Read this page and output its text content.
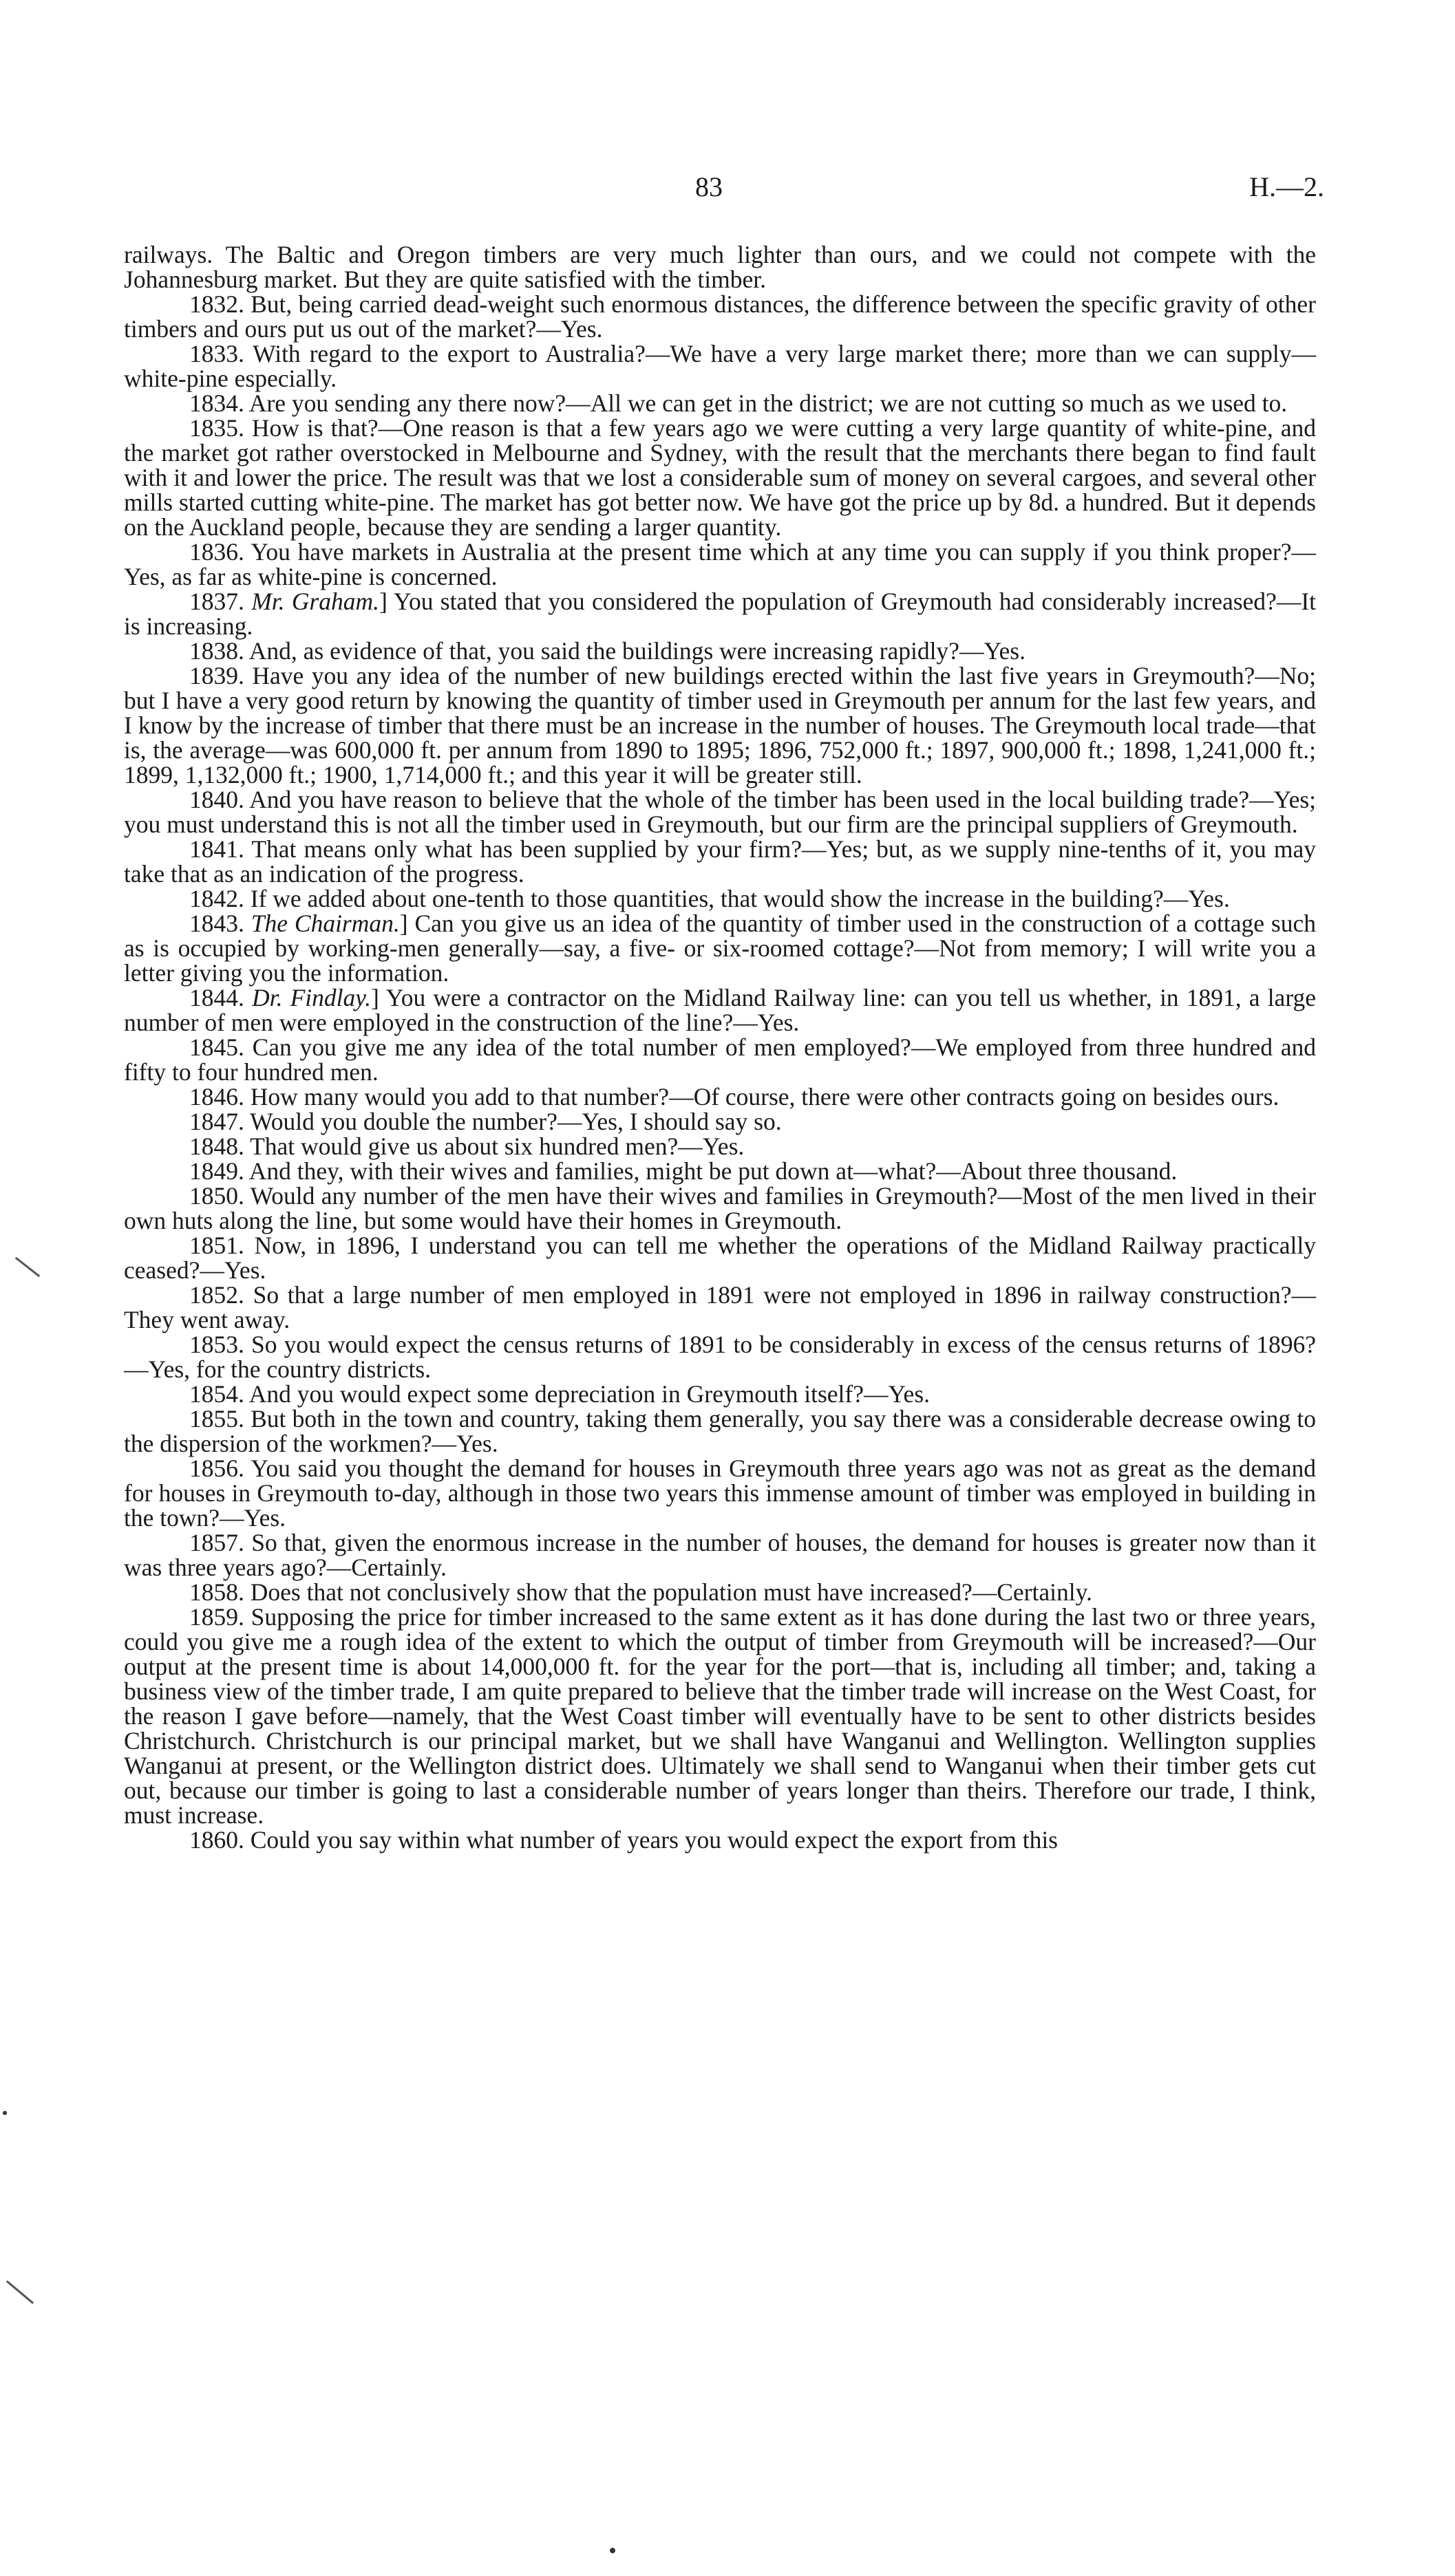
83	H.—2.

railways. The Baltic and Oregon timbers are very much lighter than ours, and we could not compete with the Johannesburg market. But they are quite satisfied with the timber.

1832. But, being carried dead-weight such enormous distances, the difference between the specific gravity of other timbers and ours put us out of the market?—Yes.

1833. With regard to the export to Australia?—We have a very large market there; more than we can supply—white-pine especially.

1834. Are you sending any there now?—All we can get in the district; we are not cutting so much as we used to.

1835. How is that?—One reason is that a few years ago we were cutting a very large quantity of white-pine, and the market got rather overstocked in Melbourne and Sydney, with the result that the merchants there began to find fault with it and lower the price. The result was that we lost a considerable sum of money on several cargoes, and several other mills started cutting white-pine. The market has got better now. We have got the price up by 8d. a hundred. But it depends on the Auckland people, because they are sending a larger quantity.

1836. You have markets in Australia at the present time which at any time you can supply if you think proper?—Yes, as far as white-pine is concerned.

1837. Mr. Graham.] You stated that you considered the population of Greymouth had considerably increased?—It is increasing.

1838. And, as evidence of that, you said the buildings were increasing rapidly?—Yes.

1839. Have you any idea of the number of new buildings erected within the last five years in Greymouth?—No; but I have a very good return by knowing the quantity of timber used in Greymouth per annum for the last few years, and I know by the increase of timber that there must be an increase in the number of houses. The Greymouth local trade—that is, the average—was 600,000 ft. per annum from 1890 to 1895; 1896, 752,000 ft.; 1897, 900,000 ft.; 1898, 1,241,000 ft.; 1899, 1,132,000 ft.; 1900, 1,714,000 ft.; and this year it will be greater still.

1840. And you have reason to believe that the whole of the timber has been used in the local building trade?—Yes; you must understand this is not all the timber used in Greymouth, but our firm are the principal suppliers of Greymouth.

1841. That means only what has been supplied by your firm?—Yes; but, as we supply nine-tenths of it, you may take that as an indication of the progress.

1842. If we added about one-tenth to those quantities, that would show the increase in the building?—Yes.

1843. The Chairman.] Can you give us an idea of the quantity of timber used in the construction of a cottage such as is occupied by working-men generally—say, a five- or six-roomed cottage?—Not from memory; I will write you a letter giving you the information.

1844. Dr. Findlay.] You were a contractor on the Midland Railway line: can you tell us whether, in 1891, a large number of men were employed in the construction of the line?—Yes.

1845. Can you give me any idea of the total number of men employed?—We employed from three hundred and fifty to four hundred men.

1846. How many would you add to that number?—Of course, there were other contracts going on besides ours.

1847. Would you double the number?—Yes, I should say so.

1848. That would give us about six hundred men?—Yes.

1849. And they, with their wives and families, might be put down at—what?—About three thousand.

1850. Would any number of the men have their wives and families in Greymouth?—Most of the men lived in their own huts along the line, but some would have their homes in Greymouth.

1851. Now, in 1896, I understand you can tell me whether the operations of the Midland Railway practically ceased?—Yes.

1852. So that a large number of men employed in 1891 were not employed in 1896 in railway construction?—They went away.

1853. So you would expect the census returns of 1891 to be considerably in excess of the census returns of 1896?—Yes, for the country districts.

1854. And you would expect some depreciation in Greymouth itself?—Yes.

1855. But both in the town and country, taking them generally, you say there was a considerable decrease owing to the dispersion of the workmen?—Yes.

1856. You said you thought the demand for houses in Greymouth three years ago was not as great as the demand for houses in Greymouth to-day, although in those two years this immense amount of timber was employed in building in the town?—Yes.

1857. So that, given the enormous increase in the number of houses, the demand for houses is greater now than it was three years ago?—Certainly.

1858. Does that not conclusively show that the population must have increased?—Certainly.

1859. Supposing the price for timber increased to the same extent as it has done during the last two or three years, could you give me a rough idea of the extent to which the output of timber from Greymouth will be increased?—Our output at the present time is about 14,000,000 ft. for the year for the port—that is, including all timber; and, taking a business view of the timber trade, I am quite prepared to believe that the timber trade will increase on the West Coast, for the reason I gave before—namely, that the West Coast timber will eventually have to be sent to other districts besides Christchurch. Christchurch is our principal market, but we shall have Wanganui and Wellington. Wellington supplies Wanganui at present, or the Wellington district does. Ultimately we shall send to Wanganui when their timber gets cut out, because our timber is going to last a considerable number of years longer than theirs. Therefore our trade, I think, must increase.

1860. Could you say within what number of years you would expect the export from this
